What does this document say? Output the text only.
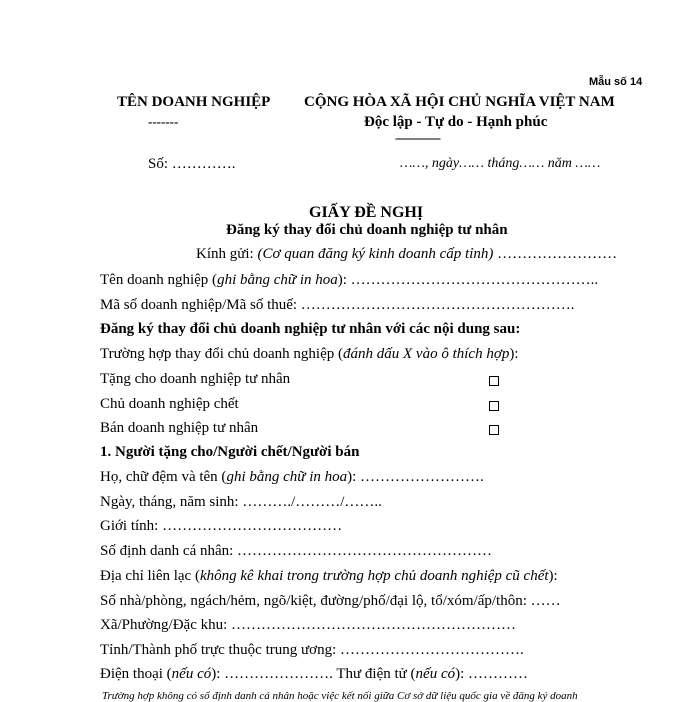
Mẫu số 14
TÊN DOANH NGHIỆP
-------
CỘNG HÒA XÃ HỘI CHỦ NGHĨA VIỆT NAM
Độc lập - Tự do - Hạnh phúc
---------------
Số: ………….	……, ngày…… tháng…… năm ……
GIẤY ĐỀ NGHỊ
Đăng ký thay đổi chủ doanh nghiệp tư nhân
Kính gửi: (Cơ quan đăng ký kinh doanh cấp tỉnh) ……………………
Tên doanh nghiệp (ghi bằng chữ in hoa): …………………………………………..
Mã số doanh nghiệp/Mã số thuế: ……………………………………………….
Đăng ký thay đổi chủ doanh nghiệp tư nhân với các nội dung sau:
Trường hợp thay đổi chủ doanh nghiệp (đánh dấu X vào ô thích hợp):
Tặng cho doanh nghiệp tư nhân
Chủ doanh nghiệp chết
Bán doanh nghiệp tư nhân
1. Người tặng cho/Người chết/Người bán
Họ, chữ đệm và tên (ghi bằng chữ in hoa): …………………….
Ngày, tháng, năm sinh: ………./………/……..
Giới tính: ………………………………
Số định danh cá nhân: ……………………………………………
Địa chỉ liên lạc (không kê khai trong trường hợp chủ doanh nghiệp cũ chết):
Số nhà/phòng, ngách/hẻm, ngõ/kiệt, đường/phố/đại lộ, tổ/xóm/ấp/thôn: ……
Xã/Phường/Đặc khu: …………………………………………………
Tỉnh/Thành phố trực thuộc trung ương: ……………………………….
Điện thoại (nếu có): …………………. Thư điện tử (nếu có): …………
Trường hợp không có số định danh cá nhân hoặc việc kết nối giữa Cơ sở dữ liệu quốc gia về đăng ký doanh
